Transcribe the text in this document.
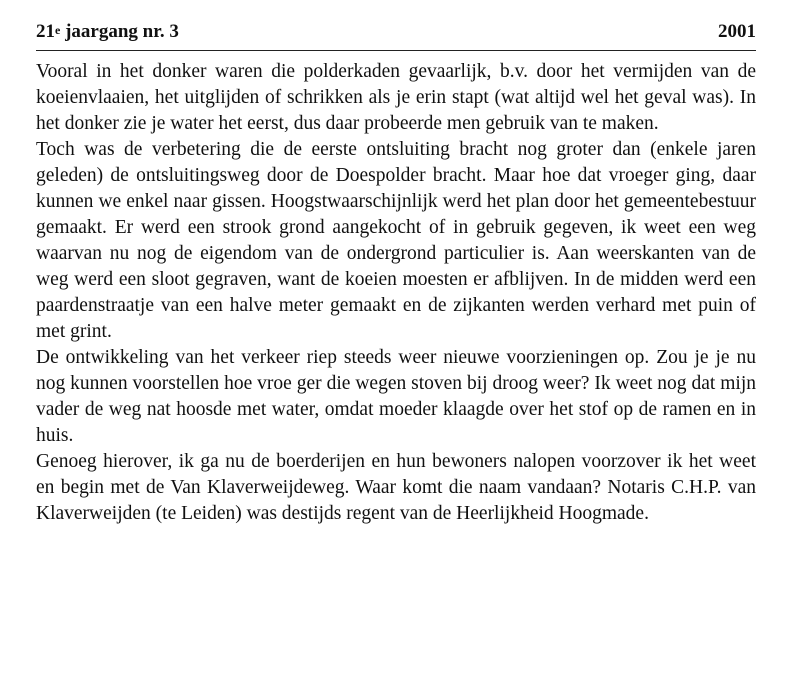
21e jaargang nr. 3	2001

Vooral in het donker waren die polderkaden gevaarlijk, b.v. door het vermijden van de koeienvlaaien, het uitglijden of schrikken als je erin stapt (wat altijd wel het geval was). In het donker zie je water het eerst, dus daar probeerde men gebruik van te maken.

Toch was de verbetering die de eerste ontsluiting bracht nog groter dan (enkele jaren geleden) de ontsluitingsweg door de Doespolder bracht. Maar hoe dat vroeger ging, daar kunnen we enkel naar gissen. Hoogstwaarschijnlijk werd het plan door het gemeentebestuur gemaakt. Er werd een strook grond aangekocht of in gebruik gegeven, ik weet een weg waarvan nu nog de eigendom van de ondergrond particulier is. Aan weerskanten van de weg werd een sloot gegraven, want de koeien moesten er afblijven. In de midden werd een paardenstraatje van een halve meter gemaakt en de zijkanten werden verhard met puin of met grint.

De ontwikkeling van het verkeer riep steeds weer nieuwe voorzieningen op. Zou je je nu nog kunnen voorstellen hoe vroe ger die wegen stoven bij droog weer? Ik weet nog dat mijn vader de weg nat hoosde met water, omdat moeder klaagde over het stof op de ramen en in huis.

Genoeg hierover, ik ga nu de boerderijen en hun bewoners nalopen voorzover ik het weet en begin met de Van Klaverweijdeweg. Waar komt die naam vandaan? Notaris C.H.P. van Klaverweijden (te Leiden) was destijds regent van de Heerlijkheid Hoogmade.
